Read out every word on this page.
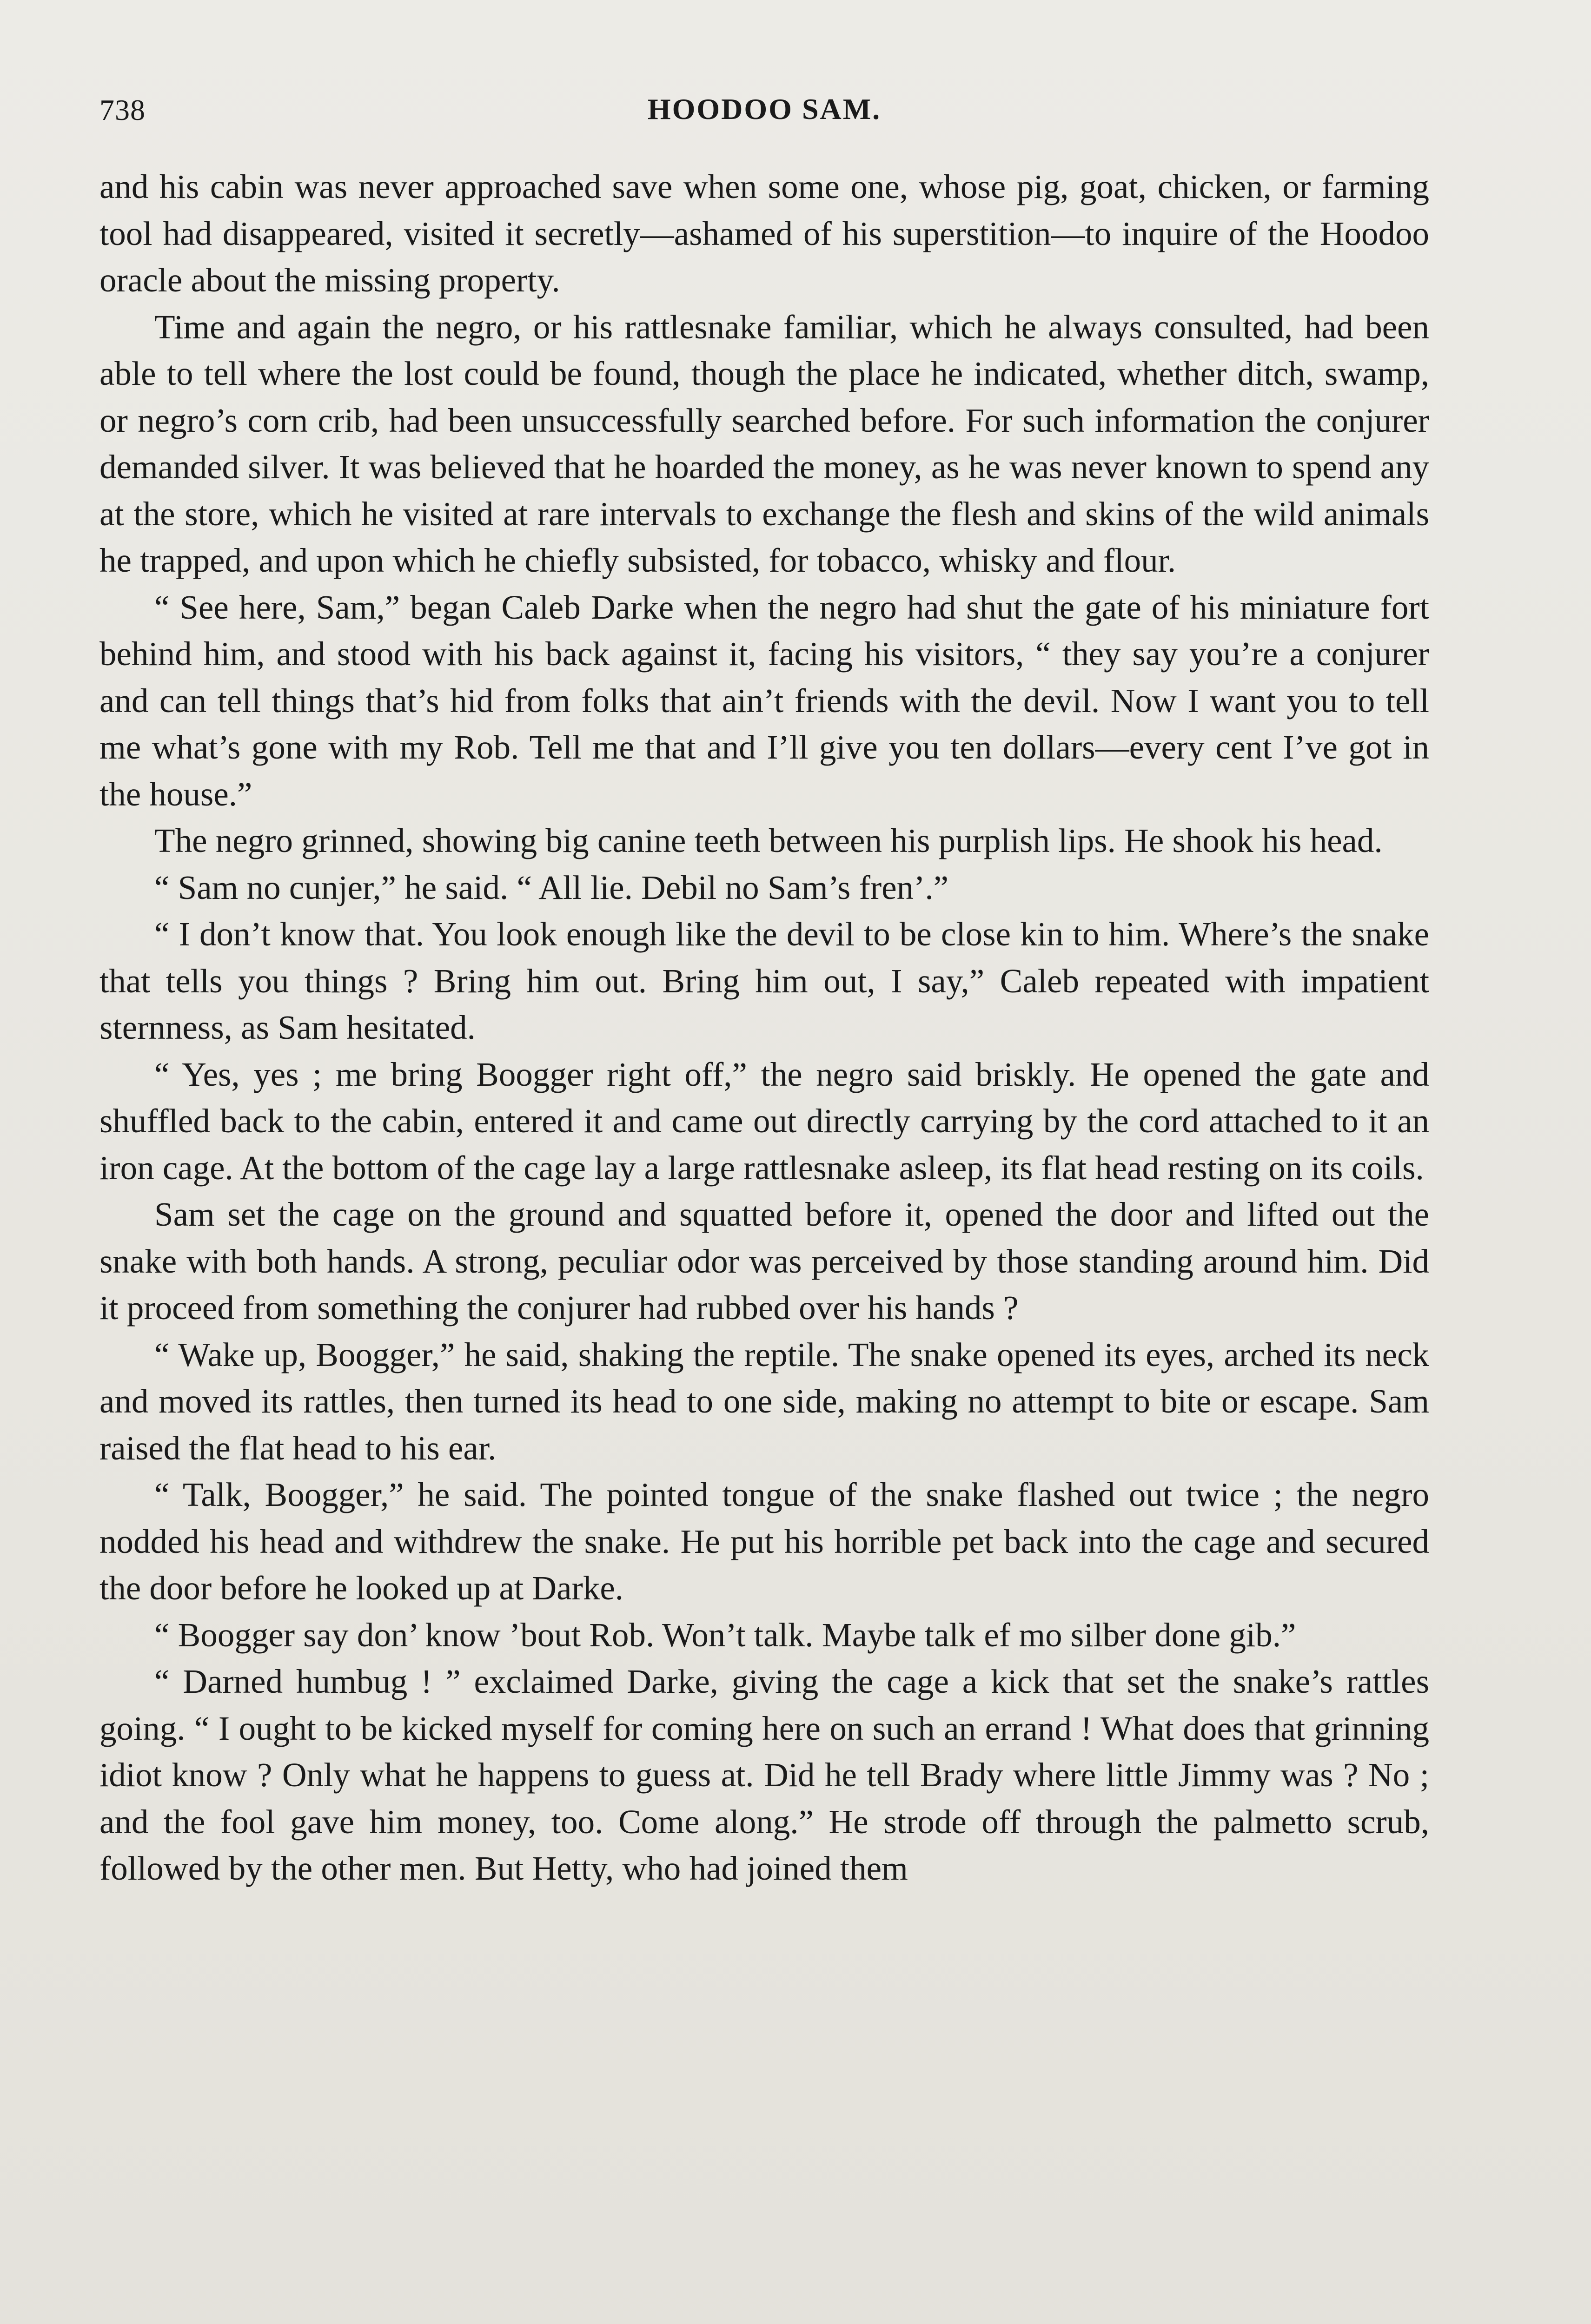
738	HOODOO SAM.

and his cabin was never approached save when some one, whose pig, goat, chicken, or farming tool had disappeared, visited it secretly—ashamed of his superstition—to inquire of the Hoodoo oracle about the missing property.

Time and again the negro, or his rattlesnake familiar, which he always consulted, had been able to tell where the lost could be found, though the place he indicated, whether ditch, swamp, or negro’s corn crib, had been unsuccessfully searched before. For such information the conjurer demanded silver. It was believed that he hoarded the money, as he was never known to spend any at the store, which he visited at rare intervals to exchange the flesh and skins of the wild animals he trapped, and upon which he chiefly subsisted, for tobacco, whisky and flour.

“ See here, Sam,” began Caleb Darke when the negro had shut the gate of his miniature fort behind him, and stood with his back against it, facing his visitors, “ they say you’re a conjurer and can tell things that’s hid from folks that ain’t friends with the devil. Now I want you to tell me what’s gone with my Rob. Tell me that and I’ll give you ten dollars—every cent I’ve got in the house.”

The negro grinned, showing big canine teeth between his purplish lips. He shook his head.

“ Sam no cunjer,” he said. “ All lie. Debil no Sam’s fren’.”

“ I don’t know that. You look enough like the devil to be close kin to him. Where’s the snake that tells you things ? Bring him out. Bring him out, I say,” Caleb repeated with impatient sternness, as Sam hesitated.

“ Yes, yes ; me bring Boogger right off,” the negro said briskly. He opened the gate and shuffled back to the cabin, entered it and came out directly carrying by the cord attached to it an iron cage. At the bottom of the cage lay a large rattlesnake asleep, its flat head resting on its coils.

Sam set the cage on the ground and squatted before it, opened the door and lifted out the snake with both hands. A strong, peculiar odor was perceived by those standing around him. Did it proceed from something the conjurer had rubbed over his hands ?

“ Wake up, Boogger,” he said, shaking the reptile. The snake opened its eyes, arched its neck and moved its rattles, then turned its head to one side, making no attempt to bite or escape. Sam raised the flat head to his ear.

“ Talk, Boogger,” he said. The pointed tongue of the snake flashed out twice ; the negro nodded his head and withdrew the snake. He put his horrible pet back into the cage and secured the door before he looked up at Darke.

“ Boogger say don’ know ’bout Rob. Won’t talk. Maybe talk ef mo silber done gib.”

“ Darned humbug ! ” exclaimed Darke, giving the cage a kick that set the snake’s rattles going. “ I ought to be kicked myself for coming here on such an errand ! What does that grinning idiot know ? Only what he happens to guess at. Did he tell Brady where little Jimmy was ? No ; and the fool gave him money, too. Come along.” He strode off through the palmetto scrub, followed by the other men. But Hetty, who had joined them
